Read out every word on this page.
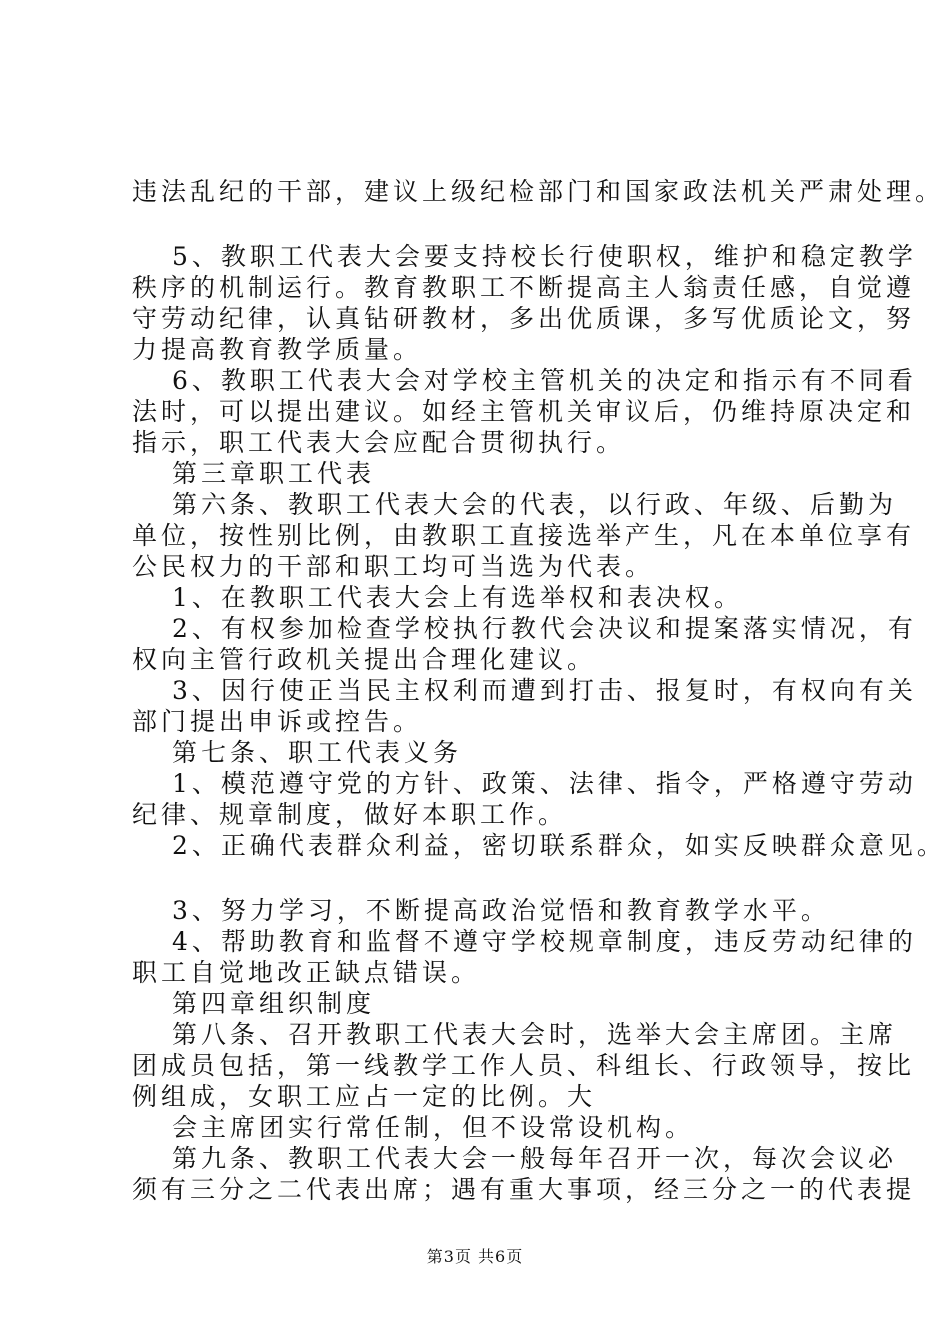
违法乱纪的干部，建议上级纪检部门和国家政法机关严肃处理。
5、教职工代表大会要支持校长行使职权，维护和稳定教学
秩序的机制运行。教育教职工不断提高主人翁责任感，自觉遵
守劳动纪律，认真钻研教材，多出优质课，多写优质论文，努
力提高教育教学质量。
6、教职工代表大会对学校主管机关的决定和指示有不同看
法时，可以提出建议。如经主管机关审议后，仍维持原决定和
指示，职工代表大会应配合贯彻执行。
第三章职工代表
第六条、教职工代表大会的代表，以行政、年级、后勤为
单位，按性别比例，由教职工直接选举产生，凡在本单位享有
公民权力的干部和职工均可当选为代表。
1、在教职工代表大会上有选举权和表决权。
2、有权参加检查学校执行教代会决议和提案落实情况，有
权向主管行政机关提出合理化建议。
3、因行使正当民主权利而遭到打击、报复时，有权向有关
部门提出申诉或控告。
第七条、职工代表义务
1、模范遵守党的方针、政策、法律、指令，严格遵守劳动
纪律、规章制度，做好本职工作。
2、正确代表群众利益，密切联系群众，如实反映群众意见。
3、努力学习，不断提高政治觉悟和教育教学水平。
4、帮助教育和监督不遵守学校规章制度，违反劳动纪律的
职工自觉地改正缺点错误。
第四章组织制度
第八条、召开教职工代表大会时，选举大会主席团。主席
团成员包括，第一线教学工作人员、科组长、行政领导，按比
例组成，女职工应占一定的比例。大
会主席团实行常任制，但不设常设机构。
第九条、教职工代表大会一般每年召开一次，每次会议必
须有三分之二代表出席；遇有重大事项，经三分之一的代表提
第3页 共6页
